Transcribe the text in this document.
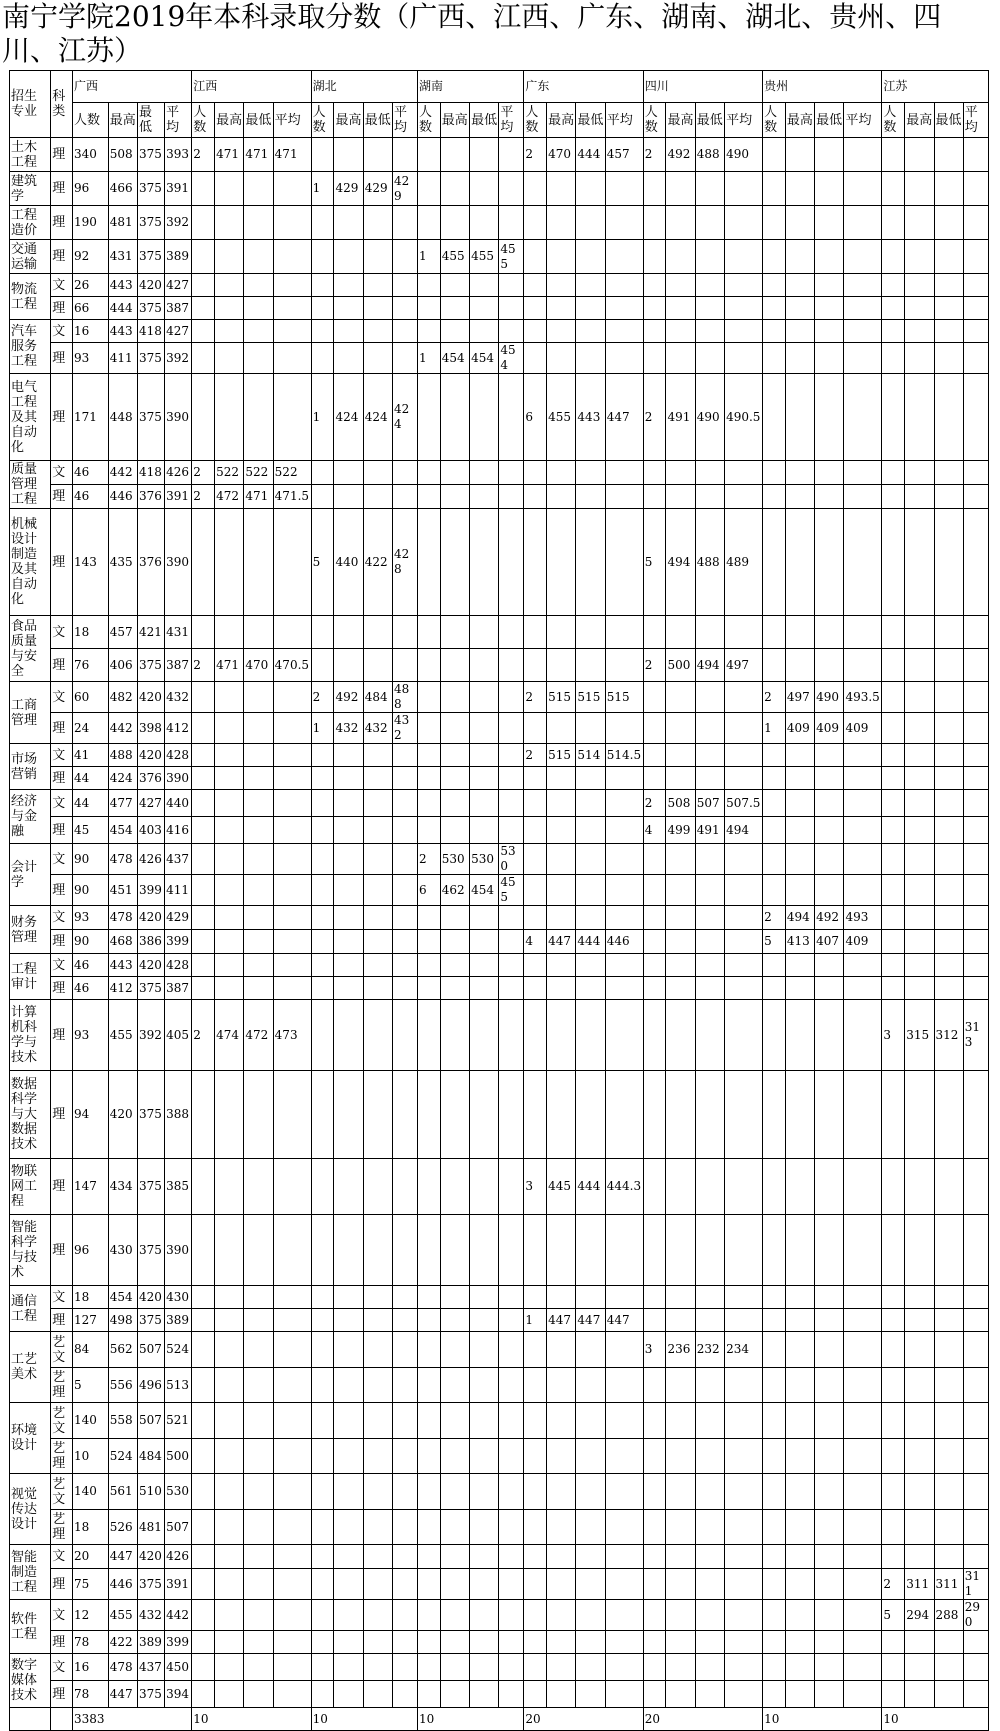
南宁学院2019年本科录取分数（广西、江西、广东、湖南、湖北、贵州、四川、江苏）
招生专业	科类	广西				江西				湖北				湖南				广东				四川				贵州				江苏			
		人数	最高	最低	平均	人数	最高	最低	平均	人数	最高	最低	平均	人数	最高	最低	平均	人数	最高	最低	平均	人数	最高	最低	平均	人数	最高	最低	平均	人数	最高	最低	平均
土木工程	理	340	508	375	393	2	471	471	471									2	470	444	457	2	492	488	490								
建筑学	理	96	466	375	391					1	429	429	429																				
工程造价	理	190	481	375	392																												
交通运输	理	92	431	375	389									1	455	455	455																
物流工程	文	26	443	420	427																												
	理	66	444	375	387																												
汽车服务工程	文	16	443	418	427																												
	理	93	411	375	392									1	454	454	454																
电气工程及其自动化	理	171	448	375	390					1	424	424	424					6	455	443	447	2	491	490	490.5								
质量管理工程	文	46	442	418	426	2	522	522	522																								
	理	46	446	376	391	2	472	471	471.5																								
机械设计制造及其自动化	理	143	435	376	390					5	440	422	428									5	494	488	489								
食品质量与安全	文	18	457	421	431																												
	理	76	406	375	387	2	471	470	470.5													2	500	494	497								
工商管理	文	60	482	420	432					2	492	484	488					2	515	515	515					2	497	490	493.5				
	理	24	442	398	412					1	432	432	432													1	409	409	409				
市场营销	文	41	488	420	428													2	515	514	514.5												
	理	44	424	376	390																												
经济与金融	文	44	477	427	440																	2	508	507	507.5								
	理	45	454	403	416																	4	499	491	494								
会计学	文	90	478	426	437									2	530	530	530																
	理	90	451	399	411									6	462	454	455																
财务管理	文	93	478	420	429																					2	494	492	493				
	理	90	468	386	399													4	447	444	446					5	413	407	409				
工程审计	文	46	443	420	428																												
	理	46	412	375	387																												
计算机科学与技术	理	93	455	392	405	2	474	472	473																					3	315	312	313
数据科学与大数据技术	理	94	420	375	388																												
物联网工程	理	147	434	375	385													3	445	444	444.3												
智能科学与技术	理	96	430	375	390																												
通信工程	文	18	454	420	430																												
	理	127	498	375	389													1	447	447	447												
工艺美术	艺文	84	562	507	524																	3	236	232	234								
	艺理	5	556	496	513																												
环境设计	艺文	140	558	507	521																												
	艺理	10	524	484	500																												
视觉传达设计	艺文	140	561	510	530																												
	艺理	18	526	481	507																												
智能制造工程	文	20	447	420	426																												
	理	75	446	375	391																									2	311	311	311
软件工程	文	12	455	432	442																									5	294	288	290
	理	78	422	389	399																												
数字媒体技术	文	16	478	437	450																												
	理	78	447	375	394																												
		3383				10				10				10				20				20				10				10			
